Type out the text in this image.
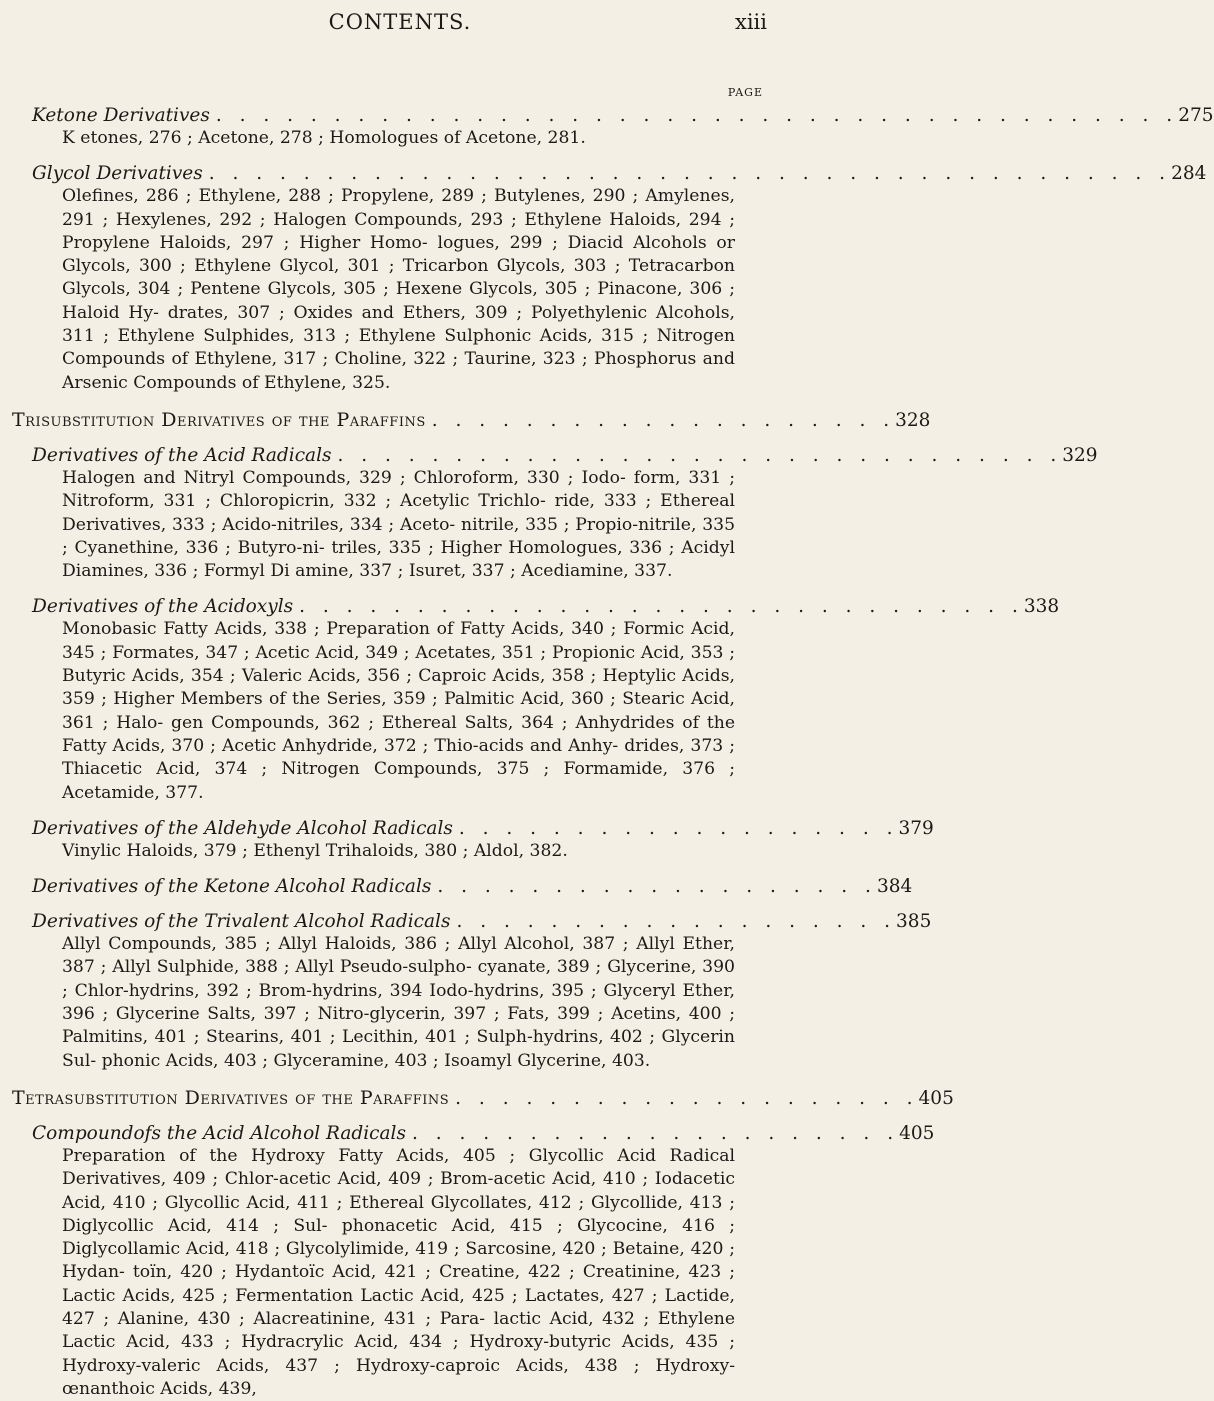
CONTENTS.	xiii
PAGE
Ketone Derivatives . . . . . . . . . . . . . . . . . . . . . . . . . . . . . . . . . . . . . . . . . 275
K etones, 276 ; Acetone, 278 ; Homologues of Acetone, 281.
Glycol Derivatives . . . . . . . . . . . . . . . . . . . . . . . . . . . . . . . . . . . . . . . . . 284
Olefines, 286 ; Ethylene, 288 ; Propylene, 289 ; Butylenes, 290 ; Amylenes, 291 ; Hexylenes, 292 ; Halogen Compounds, 293 ; Ethylene Haloids, 294 ; Propylene Haloids, 297 ; Higher Homo- logues, 299 ; Diacid Alcohols or Glycols, 300 ; Ethylene Glycol, 301 ; Tricarbon Glycols, 303 ; Tetracarbon Glycols, 304 ; Pentene Glycols, 305 ; Hexene Glycols, 305 ; Pinacone, 306 ; Haloid Hy- drates, 307 ; Oxides and Ethers, 309 ; Polyethylenic Alcohols, 311 ; Ethylene Sulphides, 313 ; Ethylene Sulphonic Acids, 315 ; Nitrogen Compounds of Ethylene, 317 ; Choline, 322 ; Taurine, 323 ; Phosphorus and Arsenic Compounds of Ethylene, 325.
Trisubstitution Derivatives of the Paraffins . . . . . . . . . . . . . . . . . . . . 328
Derivatives of the Acid Radicals . . . . . . . . . . . . . . . . . . . . . . . . . . . . . . . 329
Halogen and Nitryl Compounds, 329 ; Chloroform, 330 ; Iodo- form, 331 ; Nitroform, 331 ; Chloropicrin, 332 ; Acetylic Trichlo- ride, 333 ; Ethereal Derivatives, 333 ; Acido-nitriles, 334 ; Aceto- nitrile, 335 ; Propio-nitrile, 335 ; Cyanethine, 336 ; Butyro-ni- triles, 335 ; Higher Homologues, 336 ; Acidyl Diamines, 336 ; Formyl Di amine, 337 ; Isuret, 337 ; Acediamine, 337.
Derivatives of the Acidoxyls . . . . . . . . . . . . . . . . . . . . . . . . . . . . . . . 338
Monobasic Fatty Acids, 338 ; Preparation of Fatty Acids, 340 ; Formic Acid, 345 ; Formates, 347 ; Acetic Acid, 349 ; Acetates, 351 ; Propionic Acid, 353 ; Butyric Acids, 354 ; Valeric Acids, 356 ; Caproic Acids, 358 ; Heptylic Acids, 359 ; Higher Members of the Series, 359 ; Palmitic Acid, 360 ; Stearic Acid, 361 ; Halo- gen Compounds, 362 ; Ethereal Salts, 364 ; Anhydrides of the Fatty Acids, 370 ; Acetic Anhydride, 372 ; Thio-acids and Anhy- drides, 373 ; Thiacetic Acid, 374 ; Nitrogen Compounds, 375 ; Formamide, 376 ; Acetamide, 377.
Derivatives of the Aldehyde Alcohol Radicals . . . . . . . . . . . . . . . . . . . 379
Vinylic Haloids, 379 ; Ethenyl Trihaloids, 380 ; Aldol, 382.
Derivatives of the Ketone Alcohol Radicals . . . . . . . . . . . . . . . . . . . 384
Derivatives of the Trivalent Alcohol Radicals . . . . . . . . . . . . . . . . . . . 385
Allyl Compounds, 385 ; Allyl Haloids, 386 ; Allyl Alcohol, 387 ; Allyl Ether, 387 ; Allyl Sulphide, 388 ; Allyl Pseudo-sulpho- cyanate, 389 ; Glycerine, 390 ; Chlor-hydrins, 392 ; Brom-hydrins, 394 Iodo-hydrins, 395 ; Glyceryl Ether, 396 ; Glycerine Salts, 397 ; Nitro-glycerin, 397 ; Fats, 399 ; Acetins, 400 ; Palmitins, 401 ; Stearins, 401 ; Lecithin, 401 ; Sulph-hydrins, 402 ; Glycerin Sul- phonic Acids, 403 ; Glyceramine, 403 ; Isoamyl Glycerine, 403.
Tetrasubstitution Derivatives of the Paraffins . . . . . . . . . . . . . . . . . . . . 405
Compoundofs the Acid Alcohol Radicals . . . . . . . . . . . . . . . . . . . . . 405
Preparation of the Hydroxy Fatty Acids, 405 ; Glycollic Acid Radical Derivatives, 409 ; Chlor-acetic Acid, 409 ; Brom-acetic Acid, 410 ; Iodacetic Acid, 410 ; Glycollic Acid, 411 ; Ethereal Glycollates, 412 ; Glycollide, 413 ; Diglycollic Acid, 414 ; Sul- phonacetic Acid, 415 ; Glycocine, 416 ; Diglycollamic Acid, 418 ; Glycolylimide, 419 ; Sarcosine, 420 ; Betaine, 420 ; Hydan- toïn, 420 ; Hydantoïc Acid, 421 ; Creatine, 422 ; Creatinine, 423 ; Lactic Acids, 425 ; Fermentation Lactic Acid, 425 ; Lactates, 427 ; Lactide, 427 ; Alanine, 430 ; Alacreatinine, 431 ; Para- lactic Acid, 432 ; Ethylene Lactic Acid, 433 ; Hydracrylic Acid, 434 ; Hydroxy-butyric Acids, 435 ; Hydroxy-valeric Acids, 437 ; Hydroxy-caproic Acids, 438 ; Hydroxy-œnanthoic Acids, 439,
